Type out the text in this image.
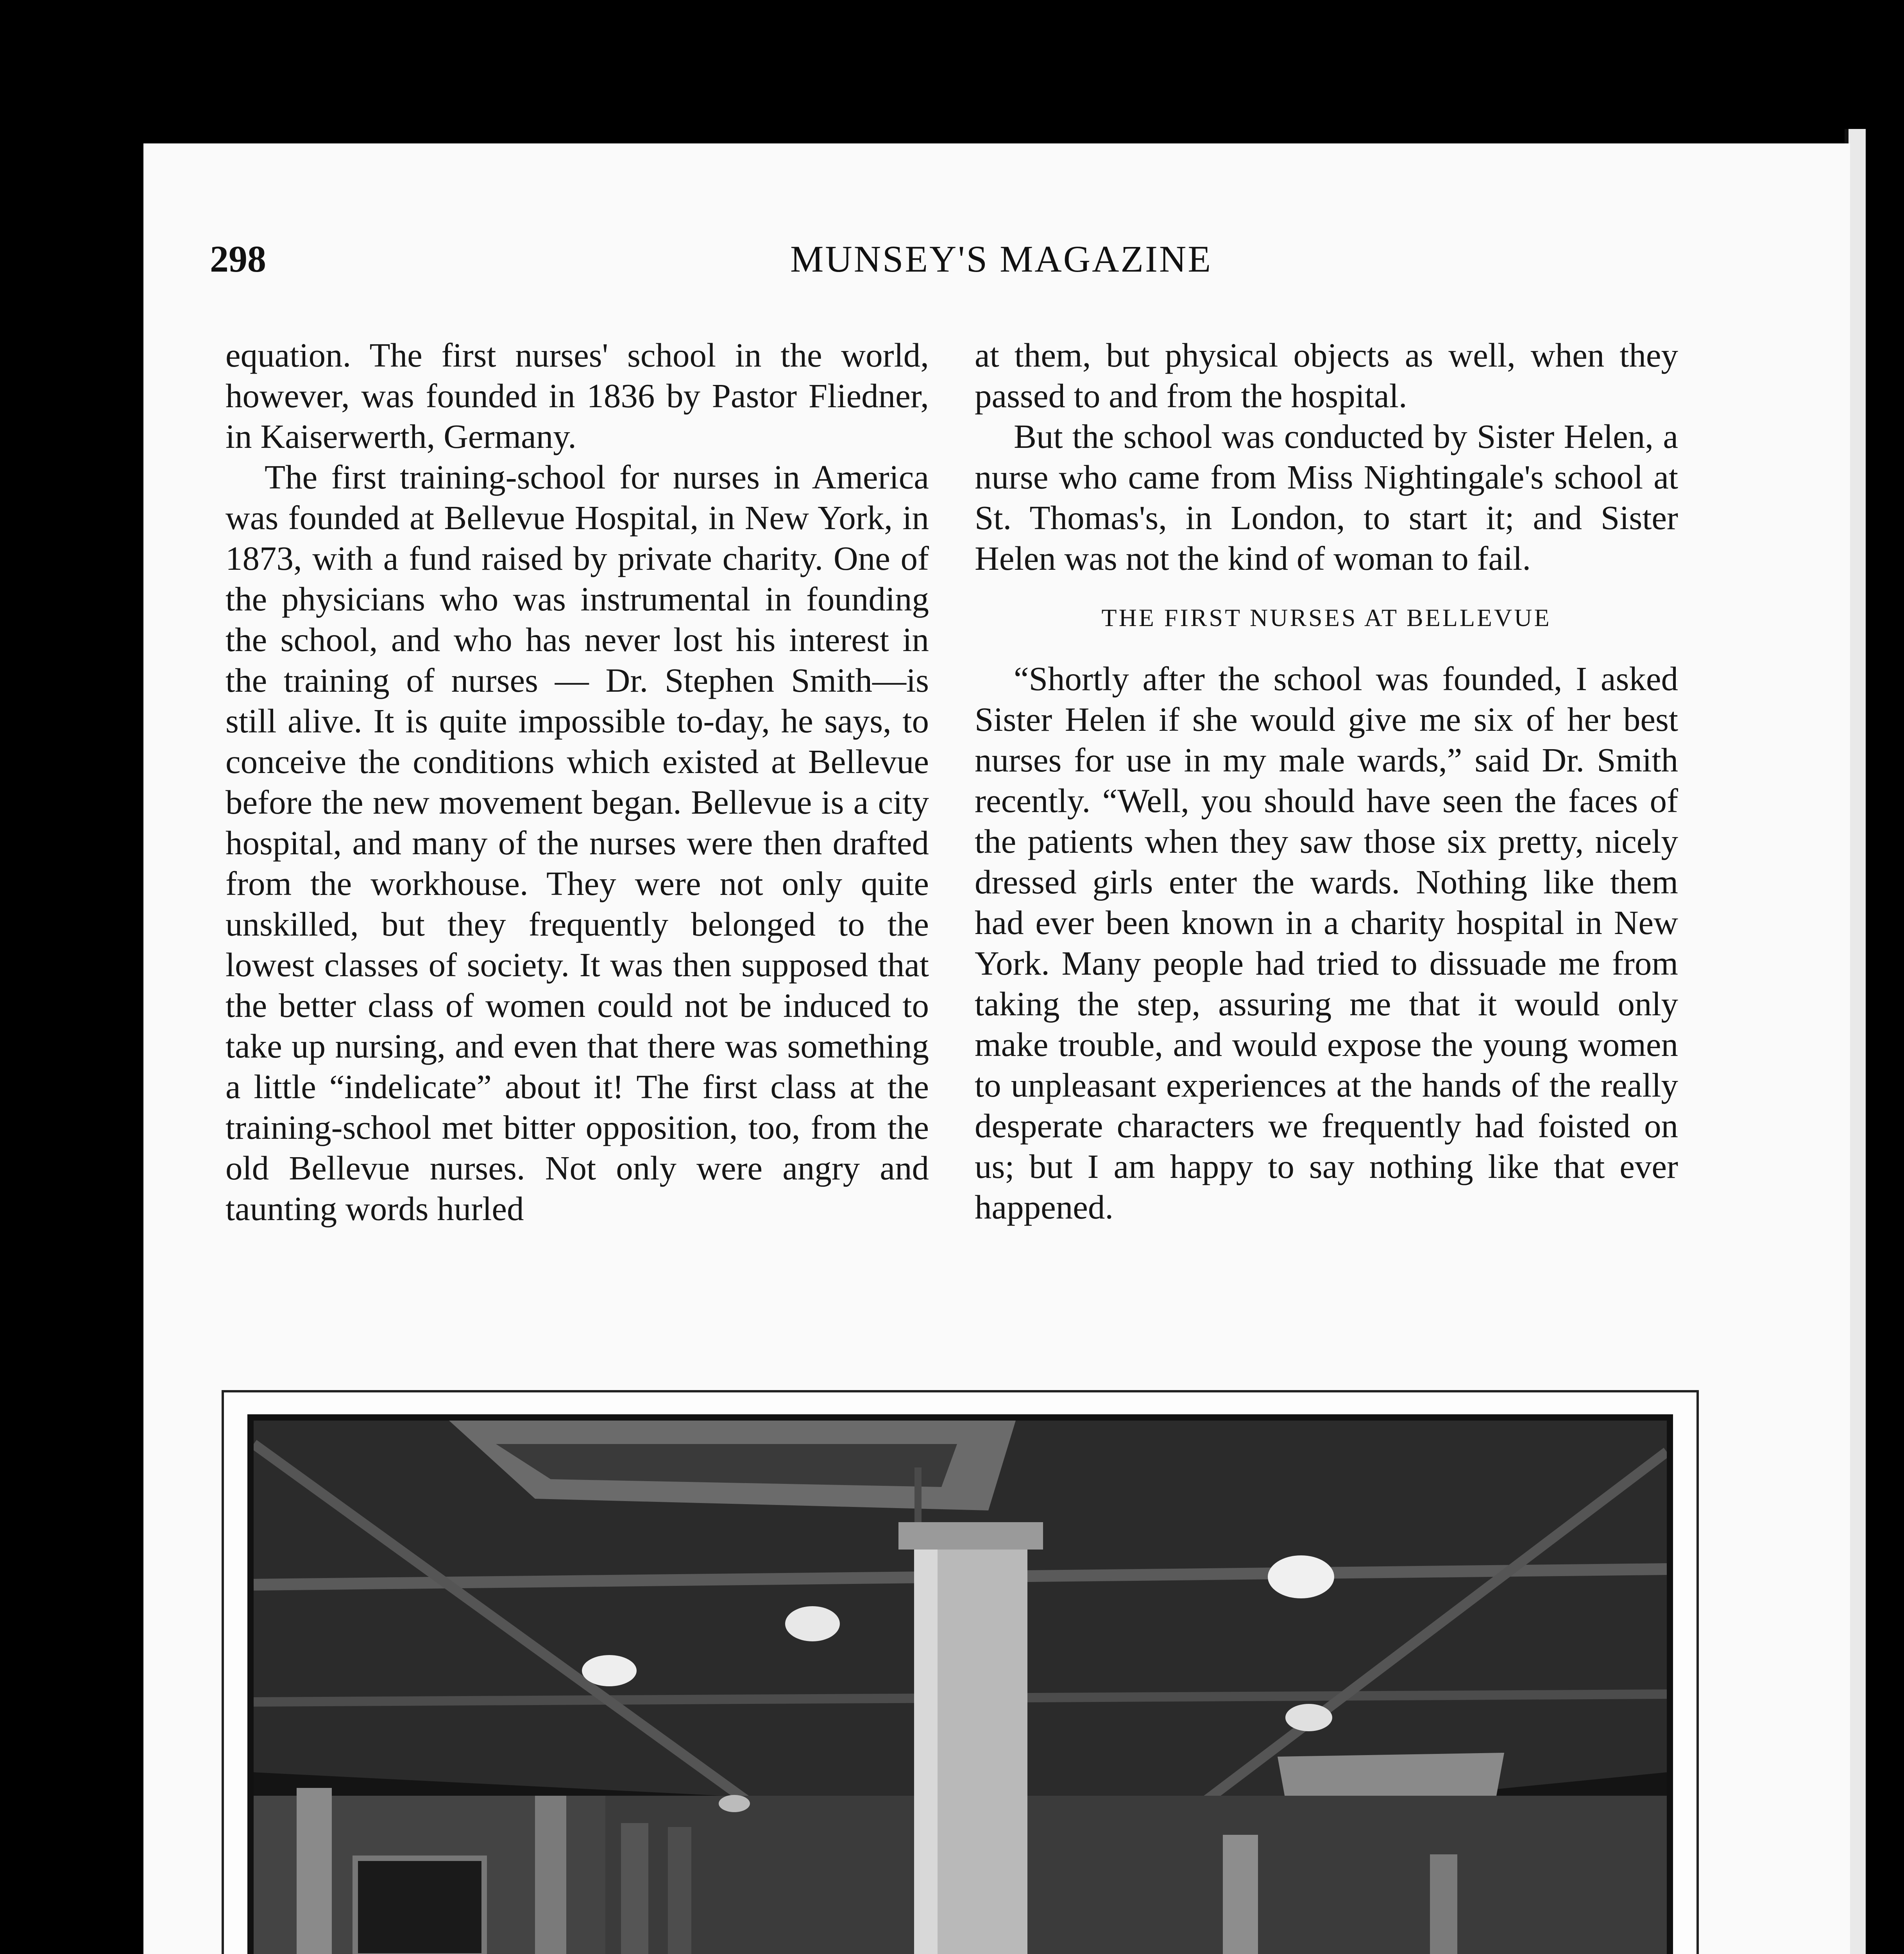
298	MUNSEY'S MAGAZINE

equation. The first nurses' school in the world, however, was founded in 1836 by Pastor Fliedner, in Kaiserwerth, Germany.

The first training-school for nurses in America was founded at Bellevue Hospital, in New York, in 1873, with a fund raised by private charity. One of the physicians who was instrumental in founding the school, and who has never lost his interest in the training of nurses — Dr. Stephen Smith—is still alive. It is quite impossible to-day, he says, to conceive the conditions which existed at Bellevue before the new movement began. Bellevue is a city hospital, and many of the nurses were then drafted from the workhouse. They were not only quite unskilled, but they frequently belonged to the lowest classes of society. It was then supposed that the better class of women could not be induced to take up nursing, and even that there was something a little “indelicate” about it! The first class at the training-school met bitter opposition, too, from the old Bellevue nurses. Not only were angry and taunting words hurled

at them, but physical objects as well, when they passed to and from the hospital.

But the school was conducted by Sister Helen, a nurse who came from Miss Nightingale's school at St. Thomas's, in London, to start it; and Sister Helen was not the kind of woman to fail.

THE FIRST NURSES AT BELLEVUE

“Shortly after the school was founded, I asked Sister Helen if she would give me six of her best nurses for use in my male wards,” said Dr. Smith recently. “Well, you should have seen the faces of the patients when they saw those six pretty, nicely dressed girls enter the wards. Nothing like them had ever been known in a charity hospital in New York. Many people had tried to dissuade me from taking the step, assuring me that it would only make trouble, and would expose the young women to unpleasant experiences at the hands of the really desperate characters we frequently had foisted on us; but I am happy to say nothing like that ever happened.
